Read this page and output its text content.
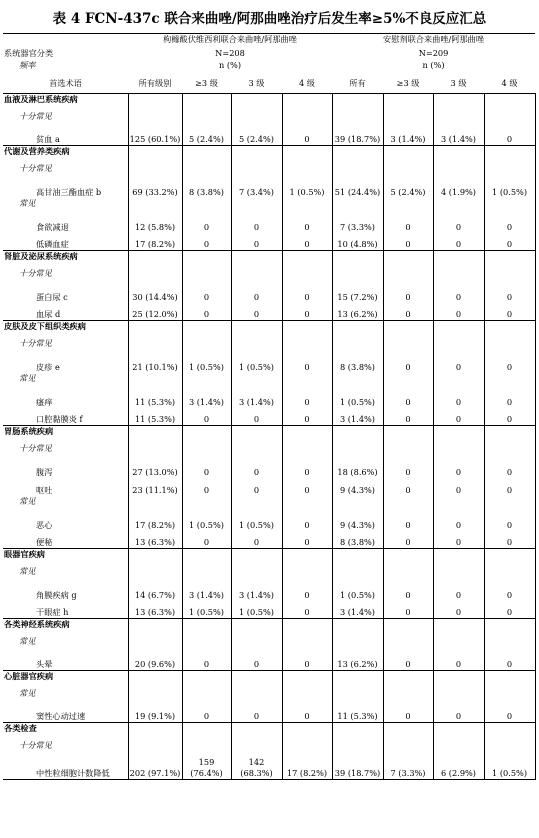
表 4 FCN-437c 联合来曲唑/阿那曲唑治疗后发生率≥5%不良反应汇总
	枸橼酸伏维西利联合来曲唑/阿那曲唑				安慰剂联合来曲唑/阿那曲唑			
系统器官分类	N=208				N=209			
频率	n (%)				n (%)			
首选术语	所有级别	≥3 级	3 级	4 级	所有	≥3 级	3 级	4 级
血液及淋巴系统疾病								
十分常见								
贫血 a	125 (60.1%)	5 (2.4%)	5 (2.4%)	0	39 (18.7%)	3 (1.4%)	3 (1.4%)	0
代谢及营养类疾病								
十分常见								
高甘油三酯血症 b	69 (33.2%)	8 (3.8%)	7 (3.4%)	1 (0.5%)	51 (24.4%)	5 (2.4%)	4 (1.9%)	1 (0.5%)
常见								
食欲减退	12 (5.8%)	0	0	0	7 (3.3%)	0	0	0
低磷血症	17 (8.2%)	0	0	0	10 (4.8%)	0	0	0
肾脏及泌尿系统疾病								
十分常见								
蛋白尿 c	30 (14.4%)	0	0	0	15 (7.2%)	0	0	0
血尿 d	25 (12.0%)	0	0	0	13 (6.2%)	0	0	0
皮肤及皮下组织类疾病								
十分常见								
皮疹 e	21 (10.1%)	1 (0.5%)	1 (0.5%)	0	8 (3.8%)	0	0	0
常见								
瘙痒	11 (5.3%)	3 (1.4%)	3 (1.4%)	0	1 (0.5%)	0	0	0
口腔黏膜炎 f	11 (5.3%)	0	0	0	3 (1.4%)	0	0	0
胃肠系统疾病								
十分常见								
腹泻	27 (13.0%)	0	0	0	18 (8.6%)	0	0	0
呕吐	23 (11.1%)	0	0	0	9 (4.3%)	0	0	0
常见								
恶心	17 (8.2%)	1 (0.5%)	1 (0.5%)	0	9 (4.3%)	0	0	0
便秘	13 (6.3%)	0	0	0	8 (3.8%)	0	0	0
眼器官疾病								
常见								
角膜疾病 g	14 (6.7%)	3 (1.4%)	3 (1.4%)	0	1 (0.5%)	0	0	0
干眼症 h	13 (6.3%)	1 (0.5%)	1 (0.5%)	0	3 (1.4%)	0	0	0
各类神经系统疾病								
常见								
头晕	20 (9.6%)	0	0	0	13 (6.2%)	0	0	0
心脏器官疾病								
常见								
窦性心动过速	19 (9.1%)	0	0	0	11 (5.3%)	0	0	0
各类检查								
十分常见								
中性粒细胞计数降低	202 (97.1%)	159 (76.4%)	142 (68.3%)	17 (8.2%)	39 (18.7%)	7 (3.3%)	6 (2.9%)	1 (0.5%)
